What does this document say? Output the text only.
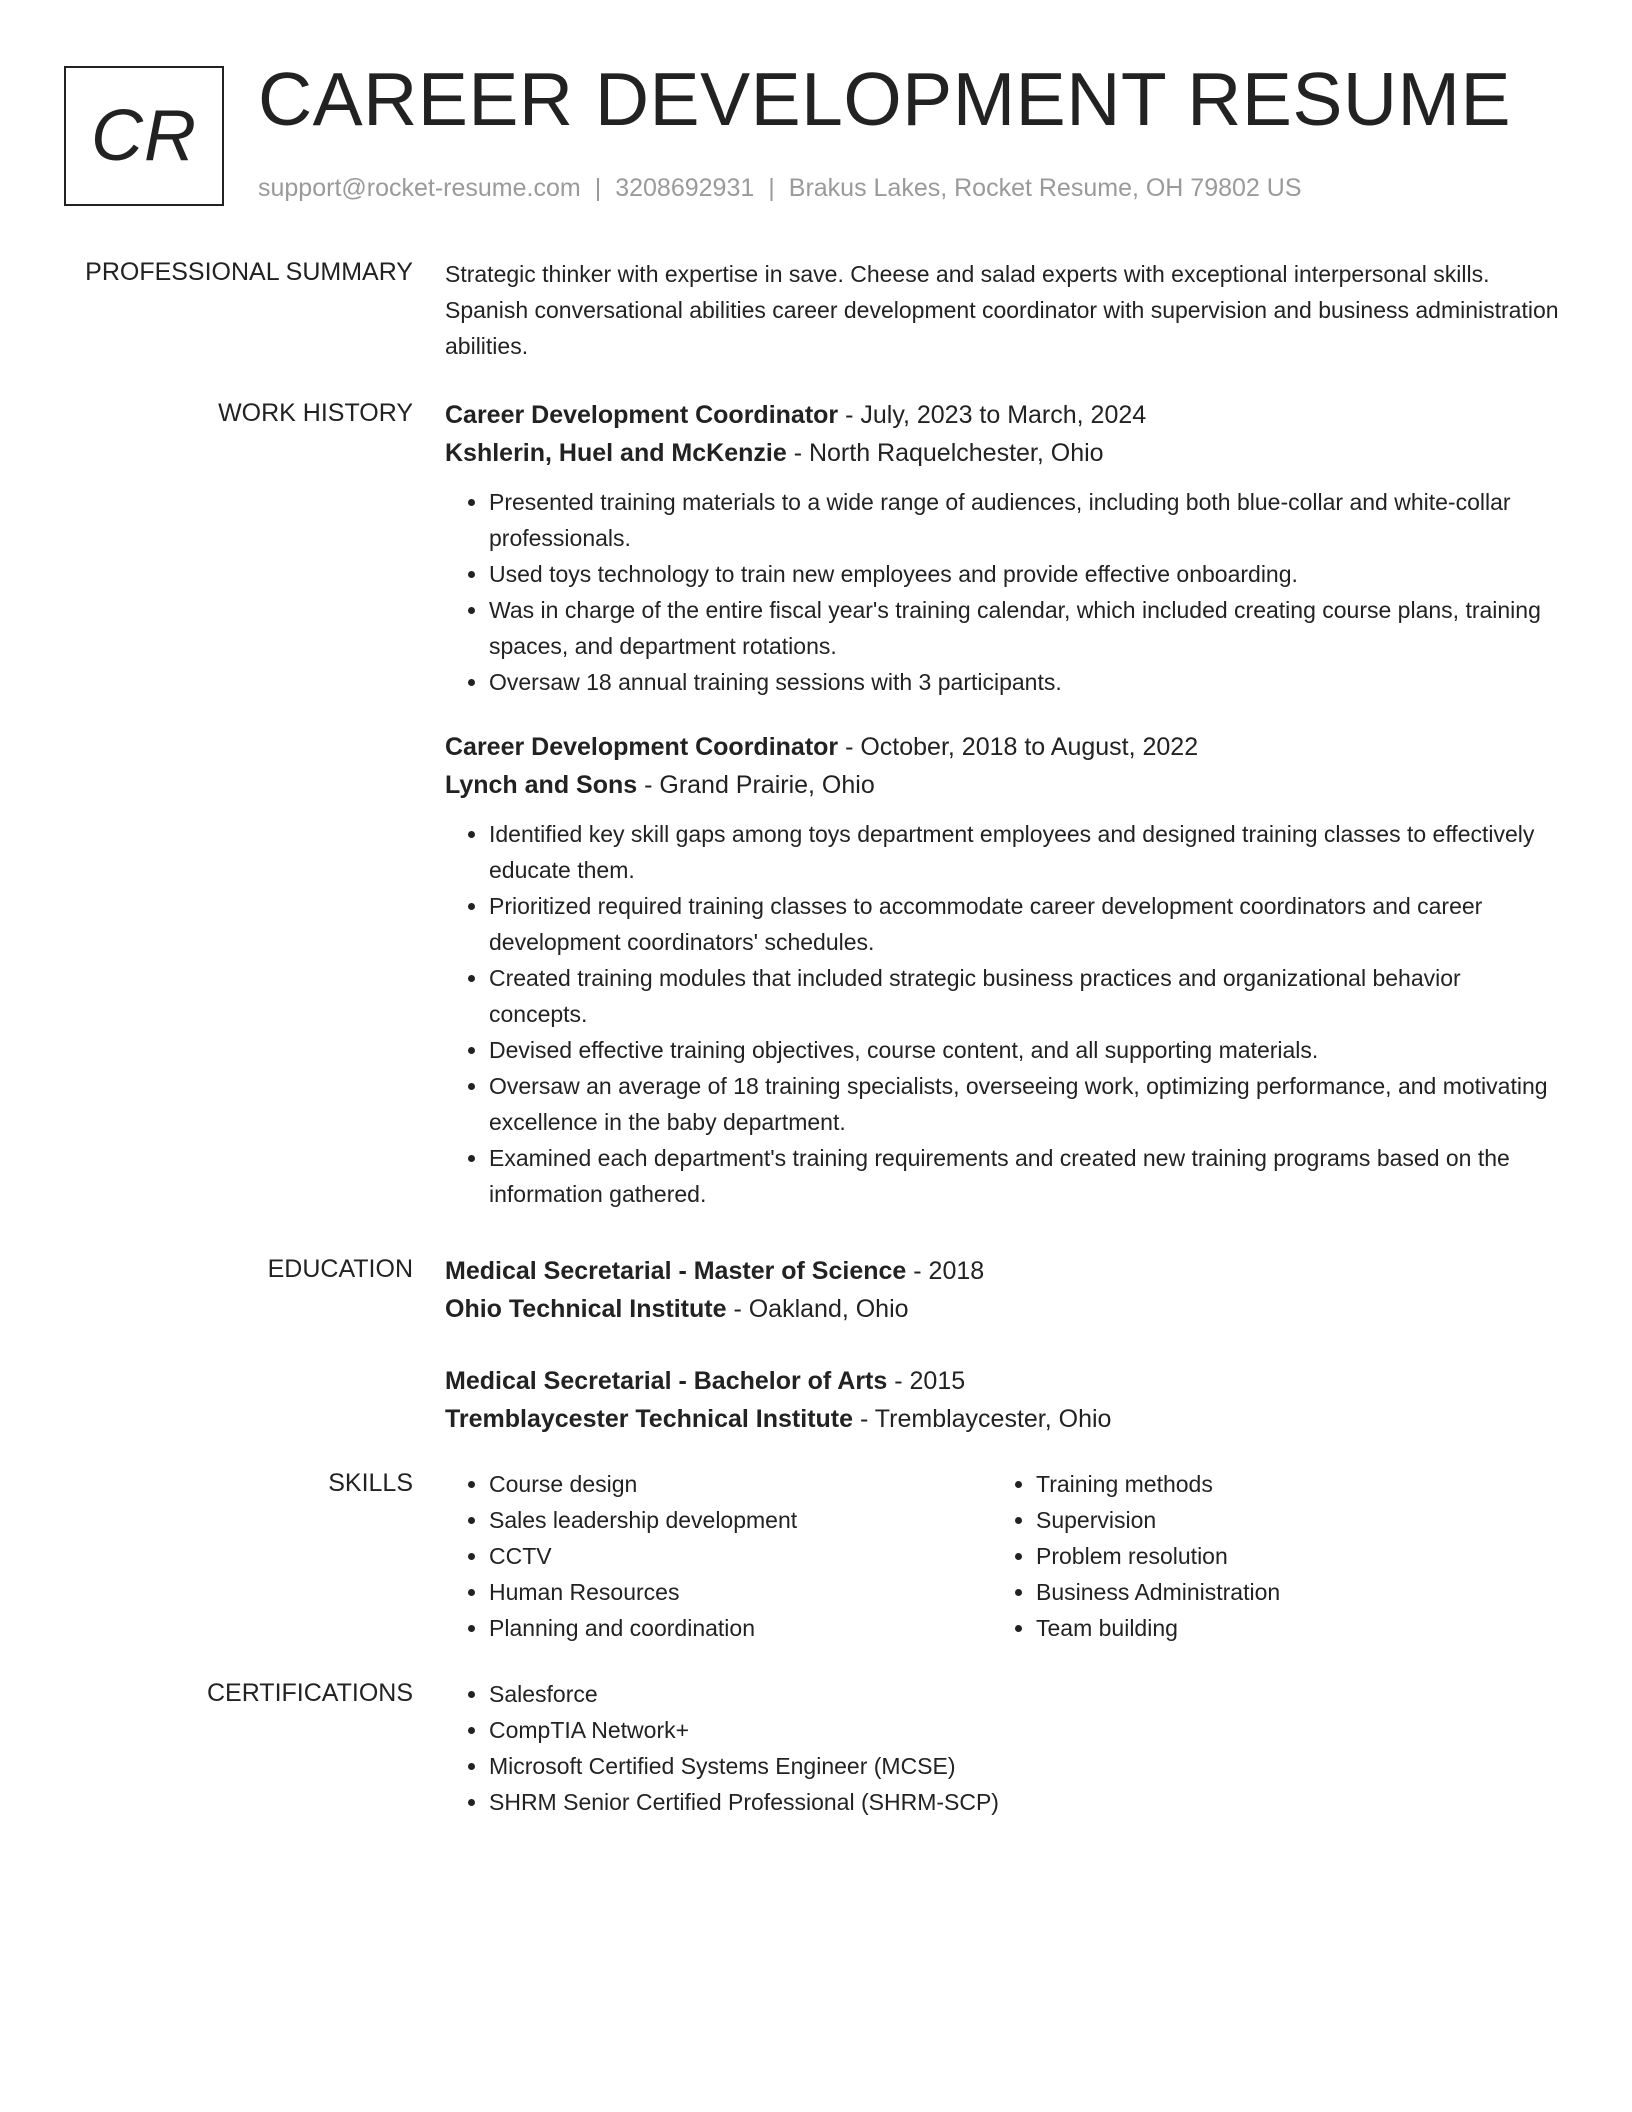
CR CAREER DEVELOPMENT RESUME
support@rocket-resume.com | 3208692931 | Brakus Lakes, Rocket Resume, OH 79802 US
PROFESSIONAL SUMMARY Strategic thinker with expertise in save. Cheese and salad experts with exceptional interpersonal skills. Spanish conversational abilities career development coordinator with supervision and business administration abilities.

WORK HISTORY Career Development Coordinator - July, 2023 to March, 2024

Kshlerin, Huel and McKenzie - North Raquelchester, Ohio

• Presented training materials to a wide range of audiences, including both blue-collar and white-collar professionals.
• Used toys technology to train new employees and provide effective onboarding.
• Was in charge of the entire fiscal year's training calendar, which included creating course plans, training spaces, and department rotations.
• Oversaw 18 annual training sessions with 3 participants.

Career Development Coordinator - October, 2018 to August, 2022

Lynch and Sons - Grand Prairie, Ohio

• Identified key skill gaps among toys department employees and designed training classes to effectively educate them.
• Prioritized required training classes to accommodate career development coordinators and career development coordinators' schedules.
• Created training modules that included strategic business practices and organizational behavior concepts.
• Devised effective training objectives, course content, and all supporting materials.
• Oversaw an average of 18 training specialists, overseeing work, optimizing performance, and motivating excellence in the baby department.
• Examined each department's training requirements and created new training programs based on the information gathered.
EDUCATION Medical Secretarial - Master of Science - 2018

Ohio Technical Institute - Oakland, Ohio

Medical Secretarial - Bachelor of Arts - 2015

Tremblaycester Technical Institute - Tremblaycester, Ohio

SKILLS	• Course design
• Sales leadership development
• CCTV
• Human Resources
• Planning and coordination
• Training methods
• Supervision
• Problem resolution
• Business Administration
• Team building
CERTIFICATIONS	• Salesforce
• CompTIA Network+
• Microsoft Certified Systems Engineer (MCSE)
• SHRM Senior Certified Professional (SHRM-SCP)
